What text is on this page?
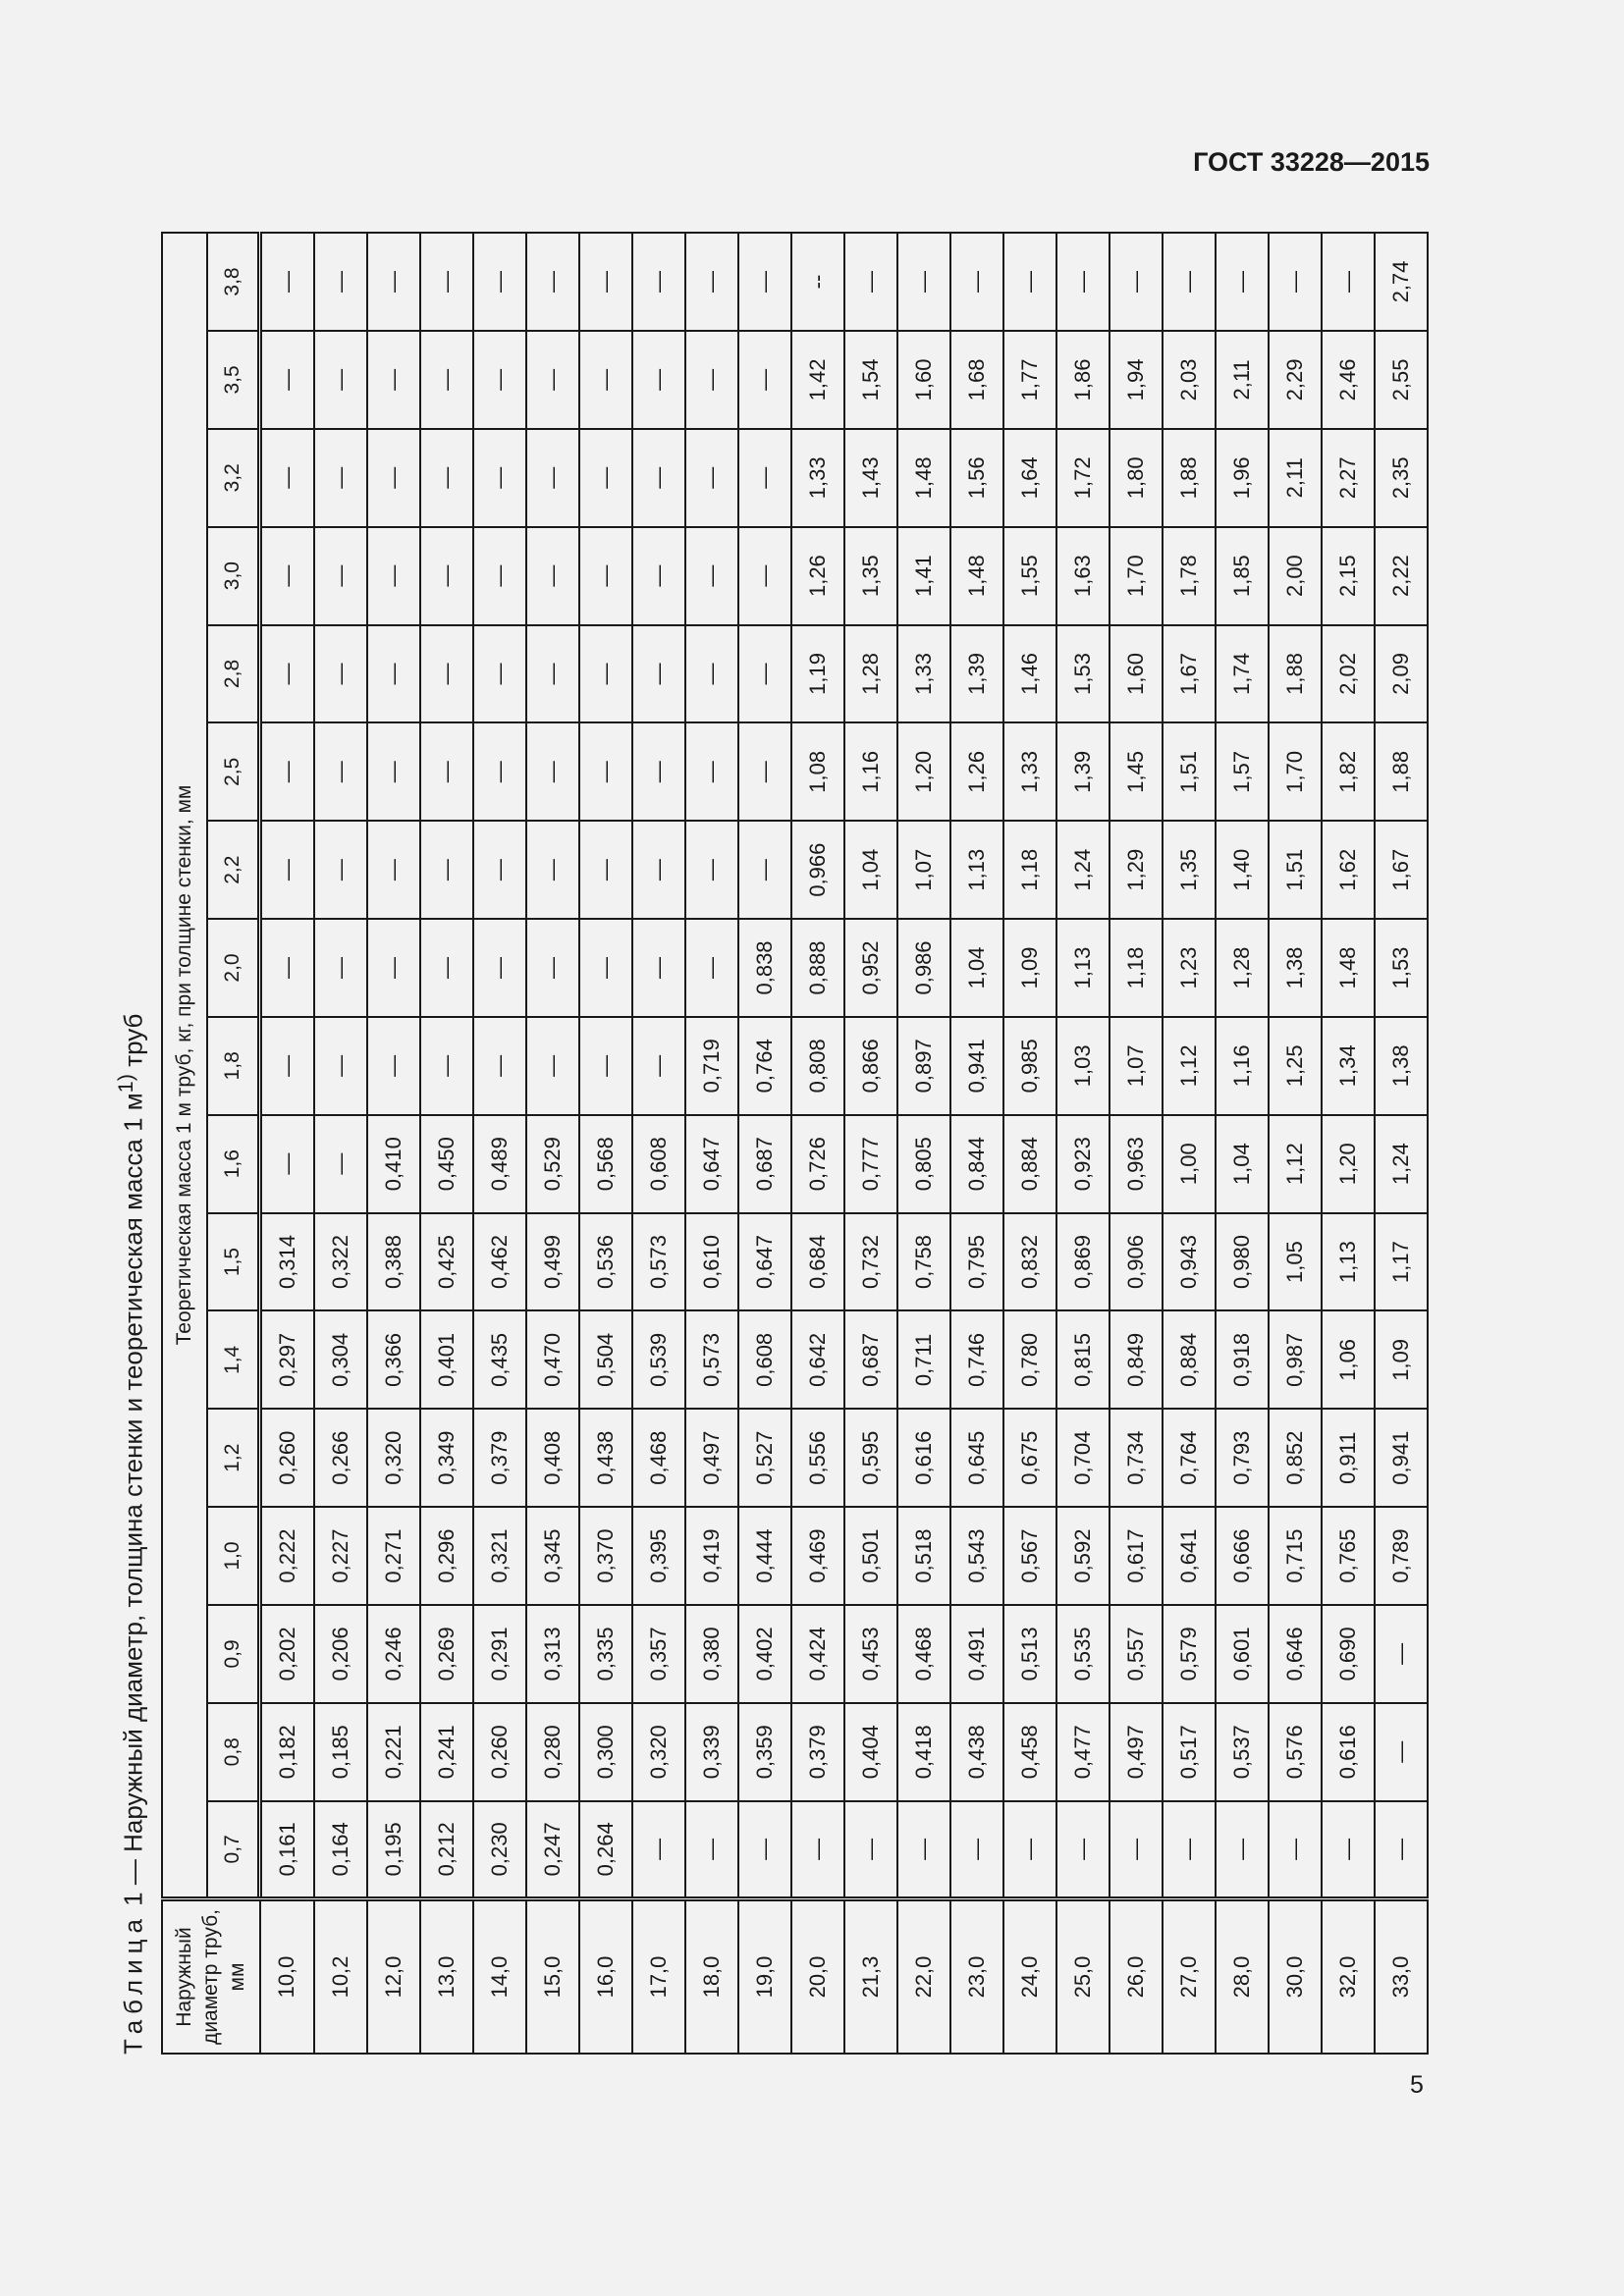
ГОСТ 33228—2015
Таблица 1 — Наружный диаметр, толщина стенки и теоретическая масса 1 $м^{1)}$ труб
Наружный диаметр труб, мм	Теоретическая масса 1 м труб, кг, при толщине стенки, мм																
	0,7	0,8	0,9	1,0	1,2	1,4	1,5	1,6	1,8	2,0	2,2	2,5	2,8	3,0	3,2	3,5	3,8
10,0	0,161	0,182	0,202	0,222	0,260	0,297	0,314	—	—	—	—	—	—	—	—	—	—
10,2	0,164	0,185	0,206	0,227	0,266	0,304	0,322	—	—	—	—	—	—	—	—	—	—
12,0	0,195	0,221	0,246	0,271	0,320	0,366	0,388	0,410	—	—	—	—	—	—	—	—	—
13,0	0,212	0,241	0,269	0,296	0,349	0,401	0,425	0,450	—	—	—	—	—	—	—	—	—
14,0	0,230	0,260	0,291	0,321	0,379	0,435	0,462	0,489	—	—	—	—	—	—	—	—	—
15,0	0,247	0,280	0,313	0,345	0,408	0,470	0,499	0,529	—	—	—	—	—	—	—	—	—
16,0	0,264	0,300	0,335	0,370	0,438	0,504	0,536	0,568	—	—	—	—	—	—	—	—	—
17,0	—	0,320	0,357	0,395	0,468	0,539	0,573	0,608	—	—	—	—	—	—	—	—	—
18,0	—	0,339	0,380	0,419	0,497	0,573	0,610	0,647	0,719	—	—	—	—	—	—	—	—
19,0	—	0,359	0,402	0,444	0,527	0,608	0,647	0,687	0,764	0,838	—	—	—	—	—	—	—
20,0	—	0,379	0,424	0,469	0,556	0,642	0,684	0,726	0,808	0,888	0,966	1,08	1,19	1,26	1,33	1,42	--
21,3	—	0,404	0,453	0,501	0,595	0,687	0,732	0,777	0,866	0,952	1,04	1,16	1,28	1,35	1,43	1,54	—
22,0	—	0,418	0,468	0,518	0,616	0,711	0,758	0,805	0,897	0,986	1,07	1,20	1,33	1,41	1,48	1,60	—
23,0	—	0,438	0,491	0,543	0,645	0,746	0,795	0,844	0,941	1,04	1,13	1,26	1,39	1,48	1,56	1,68	—
24,0	—	0,458	0,513	0,567	0,675	0,780	0,832	0,884	0,985	1,09	1,18	1,33	1,46	1,55	1,64	1,77	—
25,0	—	0,477	0,535	0,592	0,704	0,815	0,869	0,923	1,03	1,13	1,24	1,39	1,53	1,63	1,72	1,86	—
26,0	—	0,497	0,557	0,617	0,734	0,849	0,906	0,963	1,07	1,18	1,29	1,45	1,60	1,70	1,80	1,94	—
27,0	—	0,517	0,579	0,641	0,764	0,884	0,943	1,00	1,12	1,23	1,35	1,51	1,67	1,78	1,88	2,03	—
28,0	—	0,537	0,601	0,666	0,793	0,918	0,980	1,04	1,16	1,28	1,40	1,57	1,74	1,85	1,96	2,11	—
30,0	—	0,576	0,646	0,715	0,852	0,987	1,05	1,12	1,25	1,38	1,51	1,70	1,88	2,00	2,11	2,29	—
32,0	—	0,616	0,690	0,765	0,911	1,06	1,13	1,20	1,34	1,48	1,62	1,82	2,02	2,15	2,27	2,46	—
33,0	—	—	—	0,789	0,941	1,09	1,17	1,24	1,38	1,53	1,67	1,88	2,09	2,22	2,35	2,55	2,74
5
